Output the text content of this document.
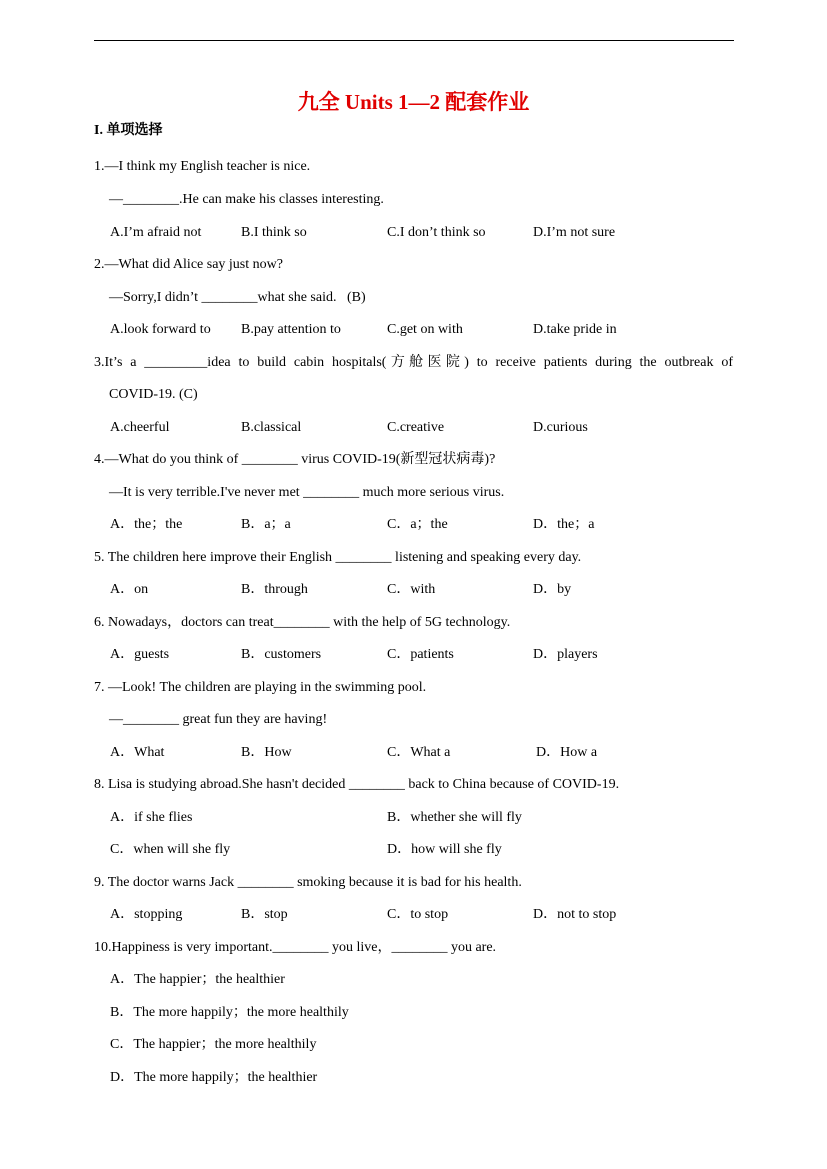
九全 Units 1—2 配套作业
I. 单项选择
1.—I think my English teacher is nice.
—________.He can make his classes interesting.
A.I’m afraid not	B.I think so	C.I don’t think so	D.I’m not sure
2.—What did Alice say just now?
—Sorry,I didn’t ________what she said.   (B)
A.look forward to B.pay attention to	C.get on with	D.take pride in
3.It’s a _________idea to build cabin hospitals(方舱医院) to receive patients during the outbreak of
COVID-19. (C)
A.cheerful	B.classical	C.creative	D.curious
4.—What do you think of ________ virus COVID-19(新型冠状病毒)?
—It is very terrible.I've never met ________ much more serious virus.
A．the；the	B．a；a	C．a；the	D．the；a
5. The children here improve their English ________ listening and speaking every day.
A．on	B．through	C．with	D．by
6. Nowadays，doctors can treat________ with the help of 5G technology.
A．guests	B．customers	C．patients	D．players
7. —Look! The children are playing in the swimming pool.
—________ great fun they are having!
A．What	B．How	C．What a	D．How a
8. Lisa is studying abroad.She hasn't decided ________ back to China because of COVID-19.
A．if she flies	B．whether she will fly
C．when will she fly	D．how will she fly
9. The doctor warns Jack ________ smoking because it is bad for his health.
A．stopping	B．stop	C．to stop	D．not to stop
10.Happiness is very important.________ you live，________ you are.
A．The happier；the healthier
B．The more happily；the more healthily
C．The happier；the more healthily
D．The more happily；the healthier
